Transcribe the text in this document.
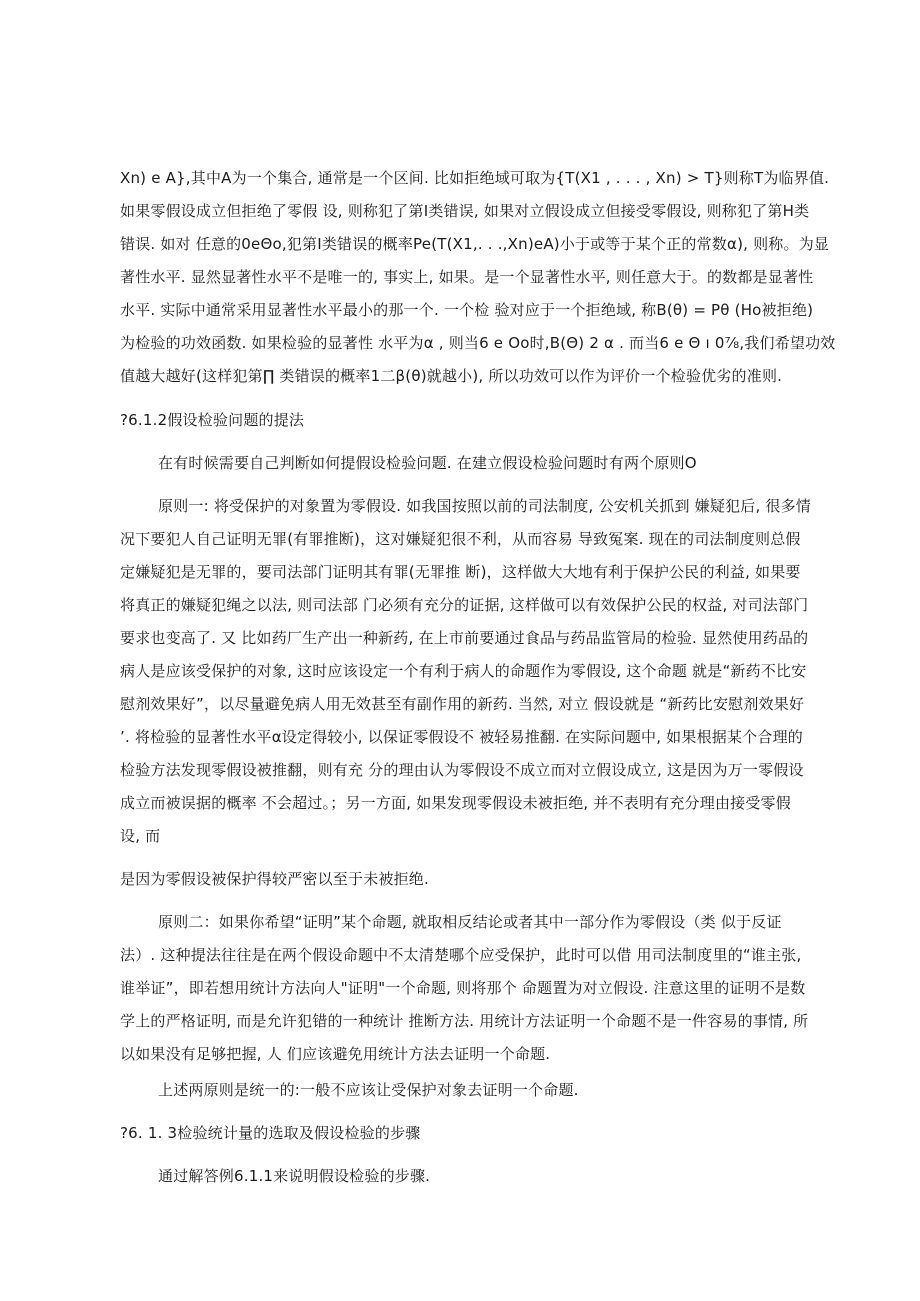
Xn) e A},其中A为一个集合, 通常是一个区间. 比如拒绝域可取为{T(X1 , . . . , Xn) > T}则称T为临界值.
如果零假设成立但拒绝了零假 设, 则称犯了第I类错误, 如果对立假设成立但接受零假设, 则称犯了第H类
错误. 如对 任意的0eΘo,犯第I类错误的概率Pe(T(X1,. . .,Xn)eA)小于或等于某个正的常数α), 则称。为显
著性水平. 显然显著性水平不是唯一的, 事实上, 如果。是一个显著性水平, 则任意大于。的数都是显著性
水平. 实际中通常采用显著性水平最小的那一个. 一个检 验对应于一个拒绝域, 称B(θ) = Pθ (Ho被拒绝)
为检验的功效函数. 如果检验的显著性 水平为α , 则当6 e Oo时,B(Θ) 2 α . 而当6 e Θ ı 0⅞,我们希望功效
值越大越好(这样犯第∏ 类错误的概率1二β(θ)就越小), 所以功效可以作为评价一个检验优劣的准则.
?6.1.2假设检验问题的提法
在有时候需要自己判断如何提假设检验问题. 在建立假设检验问题时有两个原则O
原则一: 将受保护的对象置为零假设. 如我国按照以前的司法制度, 公安机关抓到 嫌疑犯后, 很多情
况下要犯人自己证明无罪(有罪推断)，这对嫌疑犯很不利，从而容易 导致冤案. 现在的司法制度则总假
定嫌疑犯是无罪的，要司法部门证明其有罪(无罪推 断)，这样做大大地有利于保护公民的利益, 如果要
将真正的嫌疑犯绳之以法, 则司法部 门必须有充分的证据, 这样做可以有效保护公民的权益, 对司法部门
要求也变高了. 又 比如药厂生产出一种新药, 在上市前要通过食品与药品监管局的检验. 显然使用药品的
病人是应该受保护的对象, 这时应该设定一个有利于病人的命题作为零假设, 这个命题 就是“新药不比安
慰剂效果好”，以尽量避免病人用无效甚至有副作用的新药. 当然, 对立 假设就是 “新药比安慰剂效果好
’. 将检验的显著性水平α设定得较小, 以保证零假设不 被轻易推翻. 在实际问题中, 如果根据某个合理的
检验方法发现零假设被推翻，则有充 分的理由认为零假设不成立而对立假设成立, 这是因为万一零假设
成立而被误据的概率 不会超过。；另一方面, 如果发现零假设未被拒绝, 并不表明有充分理由接受零假
设, 而
是因为零假设被保护得较严密以至于未被拒绝.
原则二：如果你希望“证明”某个命题, 就取相反结论或者其中一部分作为零假设（类 似于反证
法）. 这种提法往往是在两个假设命题中不太清楚哪个应受保护，此时可以借 用司法制度里的“谁主张,
谁举证”，即若想用统计方法向人"证明"一个命题, 则将那个 命题置为对立假设. 注意这里的证明不是数
学上的严格证明, 而是允许犯错的一种统计 推断方法. 用统计方法证明一个命题不是一件容易的事情, 所
以如果没有足够把握, 人 们应该避免用统计方法去证明一个命题.
上述两原则是统一的:一般不应该让受保护对象去证明一个命题.
?6. 1. 3检验统计量的选取及假设检验的步骤
通过解答例6.1.1来说明假设检验的步骤.
